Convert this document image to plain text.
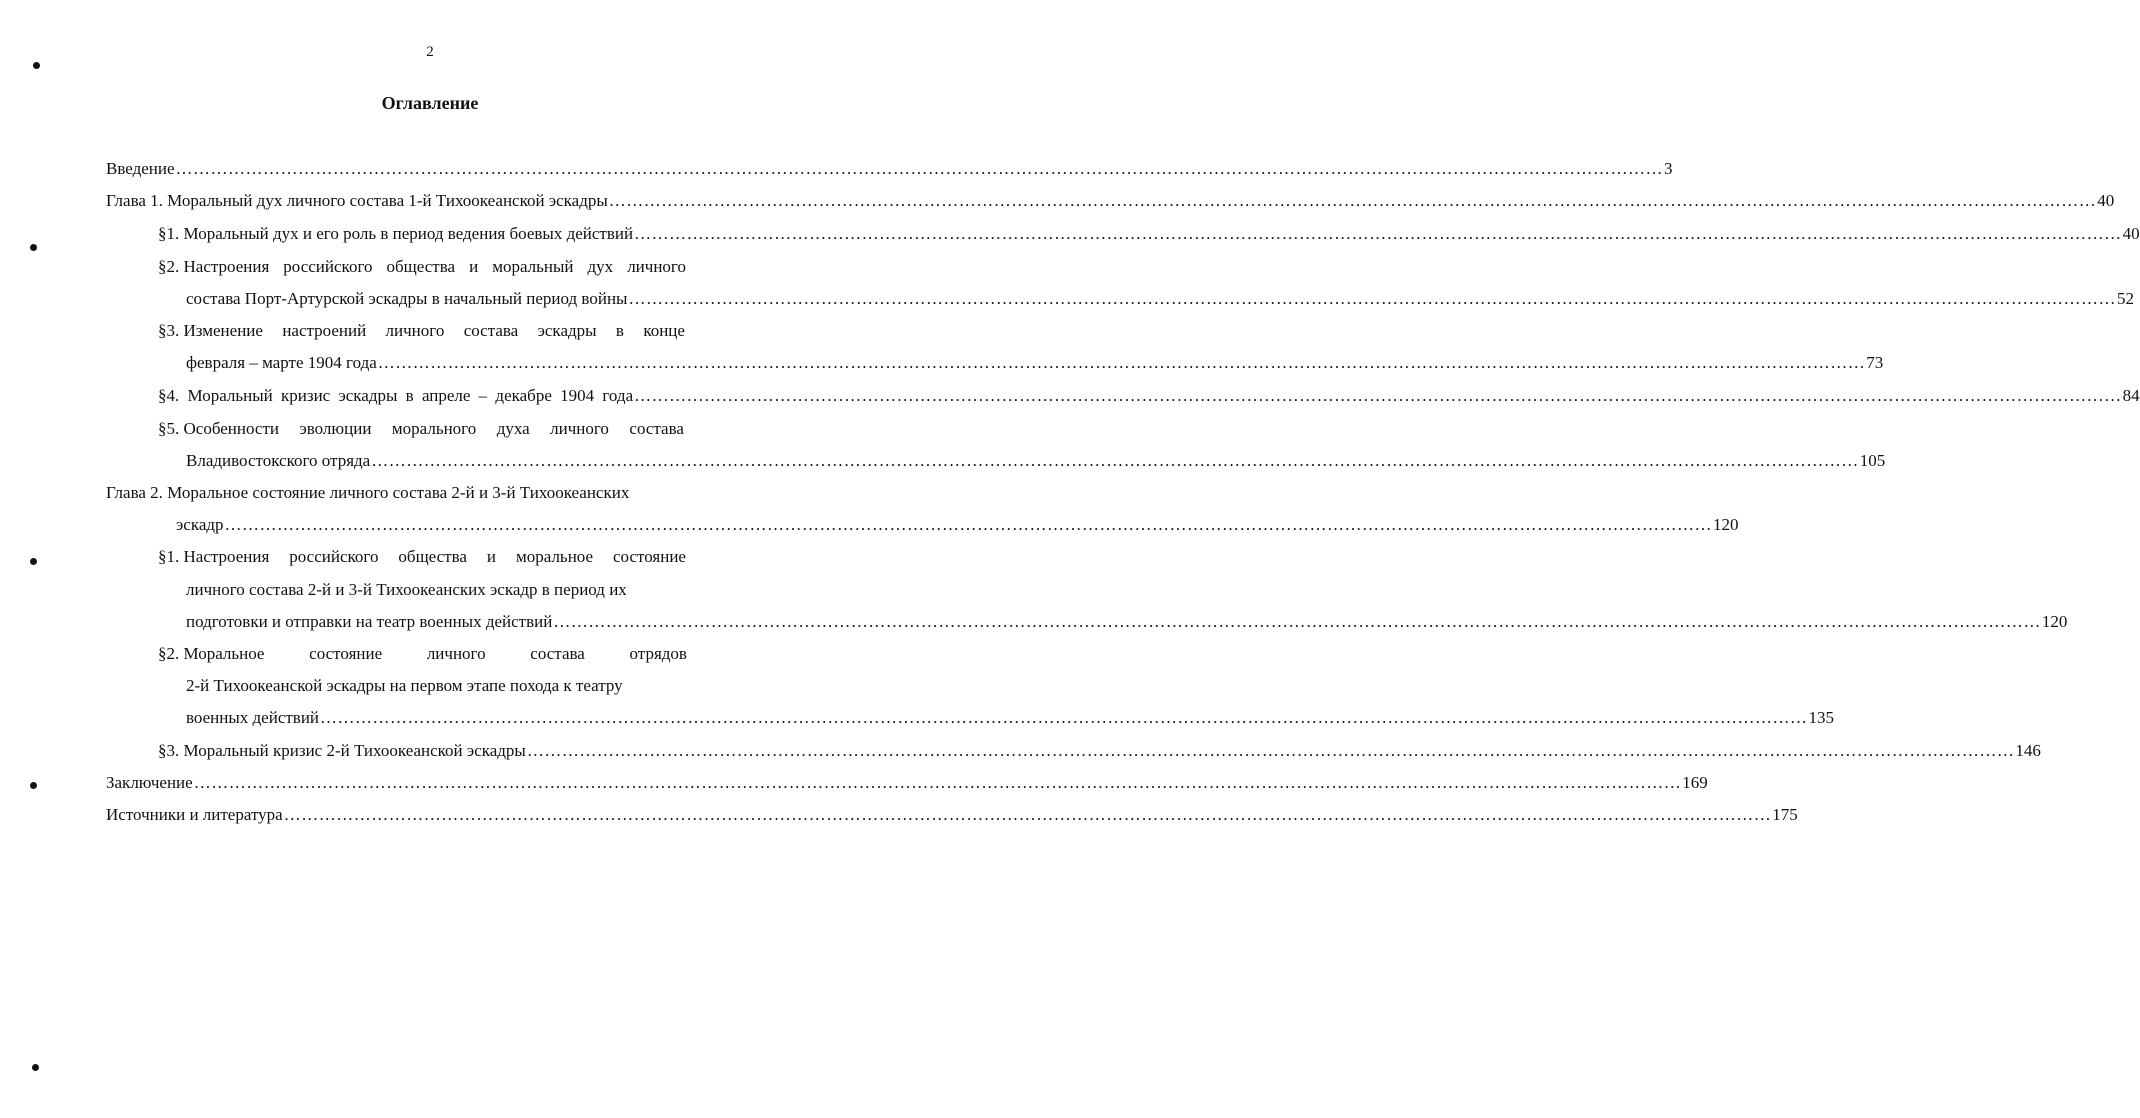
2
Оглавление
Введение ………………………………………………………………………………………………………………………………………………………………………………………………………………………………… 3
Глава 1. Моральный дух личного состава 1-й Тихоокеанской эскадры ………………………………………………………………………………………………………………………………………………………………………………………………………………………………… 40
§1. Моральный дух и его роль в период ведения боевых действий ………………………………………………………………………………………………………………………………………………………………………………………………………………………………… 40
§2. Настроения российского общества и моральный дух личного
состава Порт-Артурской эскадры в начальный период войны ………………………………………………………………………………………………………………………………………………………………………………………………………………………………… 52
§3. Изменение настроений личного состава эскадры в конце
февраля – марте 1904 года ………………………………………………………………………………………………………………………………………………………………………………………………………………………………… 73
§4. Моральный кризис эскадры в апреле – декабре 1904 года ………………………………………………………………………………………………………………………………………………………………………………………………………………………………… 84
§5. Особенности эволюции морального духа личного состава
Владивостокского отряда ………………………………………………………………………………………………………………………………………………………………………………………………………………………………… 105
Глава 2. Моральное состояние личного состава 2-й и 3-й Тихоокеанских
эскадр ………………………………………………………………………………………………………………………………………………………………………………………………………………………………… 120
§1. Настроения российского общества и моральное состояние
личного состава 2-й и 3-й Тихоокеанских эскадр в период их
подготовки и отправки на театр военных действий ………………………………………………………………………………………………………………………………………………………………………………………………………………………………… 120
§2. Моральное	состояние	личного	состава	отрядов
2-й Тихоокеанской эскадры на первом этапе похода к театру
военных действий ………………………………………………………………………………………………………………………………………………………………………………………………………………………………… 135
§3. Моральный кризис 2-й Тихоокеанской эскадры ………………………………………………………………………………………………………………………………………………………………………………………………………………………………… 146
Заключение ………………………………………………………………………………………………………………………………………………………………………………………………………………………………… 169
Источники и литература ………………………………………………………………………………………………………………………………………………………………………………………………………………………………… 175
